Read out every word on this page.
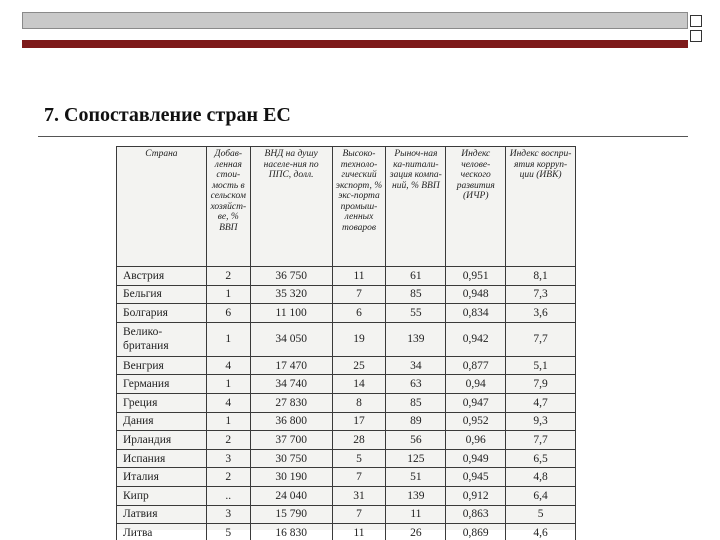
7. Сопоставление стран ЕС
Страна	Добав-ленная стои-мость в сельском хозяйст-ве, % ВВП	ВНД на душу населе-ния по ППС, долл.	Высоко-техноло-гический экспорт, % экс-порта промыш-ленных товаров	Рыноч-ная ка-питали-зация компа-ний, % ВВП	Индекс челове-ческого развития (ИЧР)	Индекс воспри-ятия корруп-ции (ИВК)
Австрия	2	36 750	11	61	0,951	8,1
Бельгия	1	35 320	7	85	0,948	7,3
Болгария	6	11 100	6	55	0,834	3,6

Велико-
британия	1	34 050	19	139	0,942	7,7
Венгрия	4	17 470	25	34	0,877	5,1
Германия	1	34 740	14	63	0,94	7,9
Греция	4	27 830	8	85	0,947	4,7
Дания	1	36 800	17	89	0,952	9,3
Ирландия	2	37 700	28	56	0,96	7,7
Испания	3	30 750	5	125	0,949	6,5
Италия	2	30 190	7	51	0,945	4,8
Кипр	..	24 040	31	139	0,912	6,4
Латвия	3	15 790	7	11	0,863	5
Литва	5	16 830	11	26	0,869	4,6
